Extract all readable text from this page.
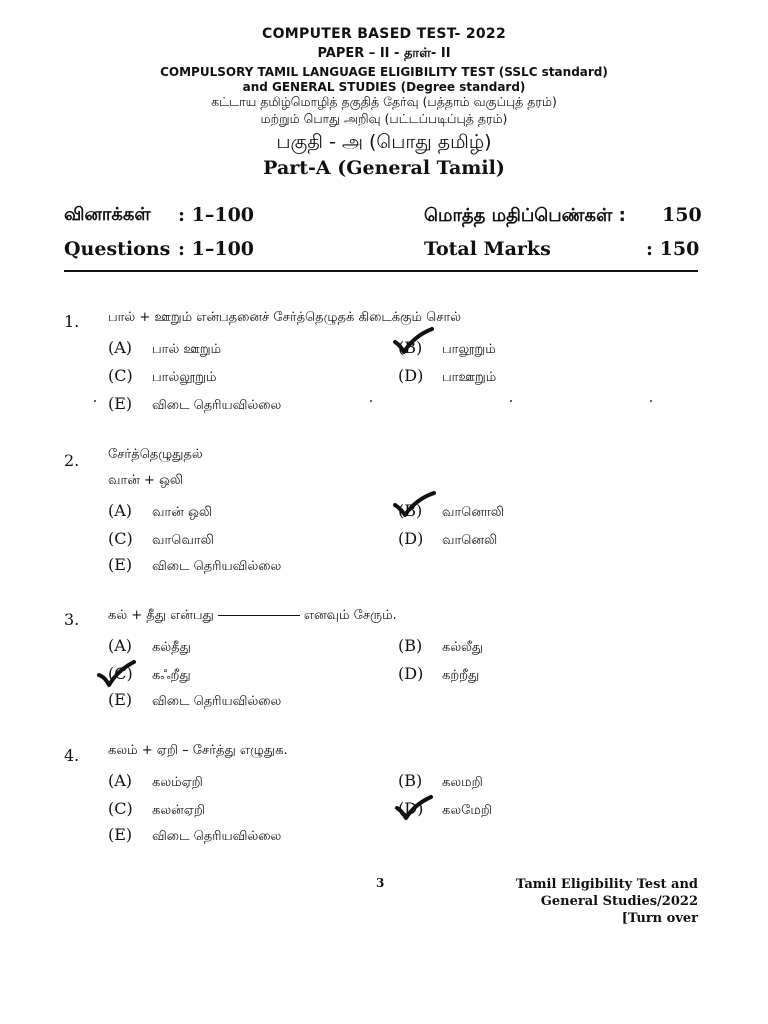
COMPUTER BASED TEST- 2022
PAPER – II - தாள்- II
COMPULSORY TAMIL LANGUAGE ELIGIBILITY TEST (SSLC standard)
and GENERAL STUDIES (Degree standard)
கட்டாய தமிழ்மொழித் தகுதித் தேர்வு (பத்தாம் வகுப்புத் தரம்)
மற்றும் பொது அறிவு (பட்டப்படிப்புத் தரம்)
பகுதி - அ (பொது தமிழ்)
Part-A (General Tamil)
வினாக்கள் : 1–100	மொத்த மதிப்பெண்கள் : 150
Questions : 1–100	Total Marks	: 150
1. பால் + ஊறும் என்பதனைச் சேர்த்தெழுதக் கிடைக்கும் சொல்
(A) பால் ஊறும்	(B) பாலூறும்
(C) பால்லூறும்	(D) பாஊறும்
(E) விடை தெரியவில்லை
2. சேர்த்தெழுதுதல்
வான் + ஒலி
(A) வான் ஒலி	(B) வானொலி
(C) வாவொலி	(D) வானெலி
(E) விடை தெரியவில்லை
3. கல் + தீது என்பது	எனவும் சேரும்.
(A) கல்தீது	(B) கல்லீது
(C) கஃறீது	(D) கற்றீது
(E) விடை தெரியவில்லை
4. கலம் + ஏறி – சேர்த்து எழுதுக.
(A) கலம்ஏறி	(B) கலமறி
(C) கலன்ஏறி	(D) கலமேறி
(E) விடை தெரியவில்லை
3	Tamil Eligibility Test and
General Studies/2022
[Turn over
